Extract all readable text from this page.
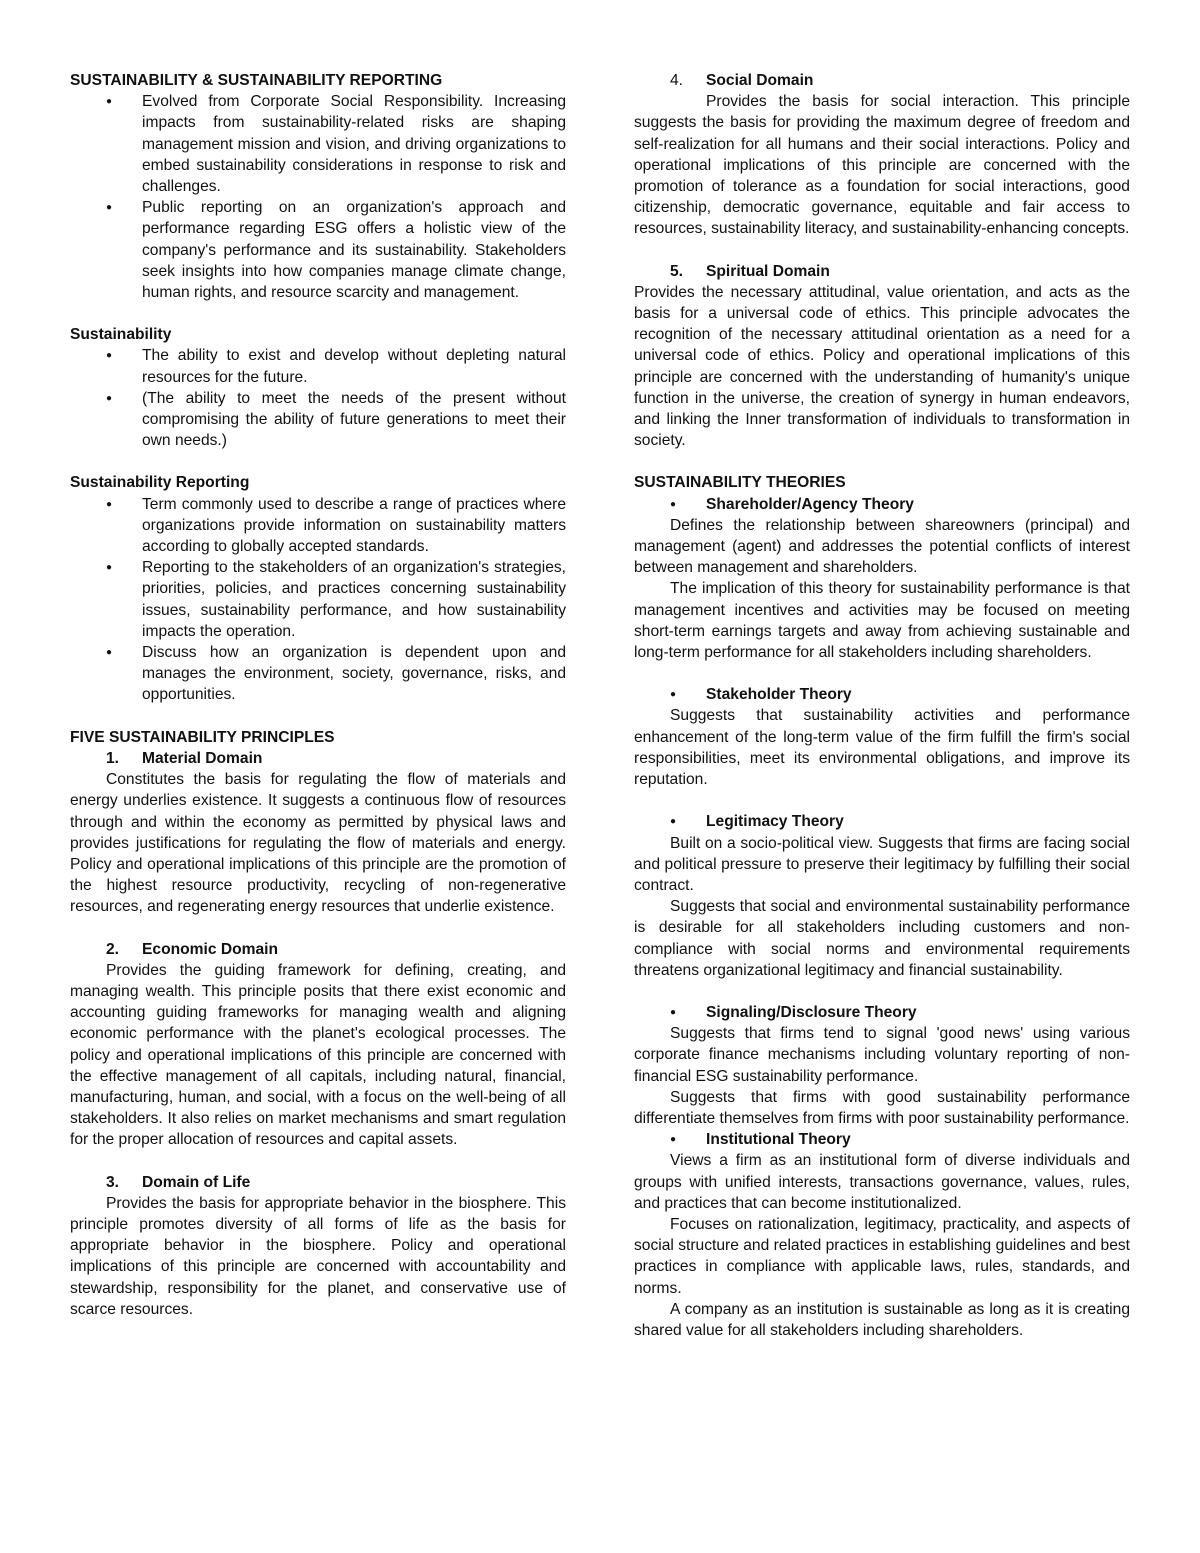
SUSTAINABILITY & SUSTAINABILITY REPORTING

● Evolved from Corporate Social Responsibility. Increasing impacts from sustainability-related risks are shaping management mission and vision, and driving organizations to embed sustainability considerations in response to risk and challenges.
● Public reporting on an organization's approach and performance regarding ESG offers a holistic view of the company's performance and its sustainability. Stakeholders seek insights into how companies manage climate change, human rights, and resource scarcity and management.

Sustainability

● The ability to exist and develop without depleting natural resources for the future.
● (The ability to meet the needs of the present without compromising the ability of future generations to meet their own needs.)

Sustainability Reporting

● Term commonly used to describe a range of practices where organizations provide information on sustainability matters according to globally accepted standards.
● Reporting to the stakeholders of an organization's strategies, priorities, policies, and practices concerning sustainability issues, sustainability performance, and how sustainability impacts the operation.
● Discuss how an organization is dependent upon and manages the environment, society, governance, risks, and opportunities.

FIVE SUSTAINABILITY PRINCIPLES

1. Material Domain

Constitutes the basis for regulating the flow of materials and energy underlies existence. It suggests a continuous flow of resources through and within the economy as permitted by physical laws and provides justifications for regulating the flow of materials and energy. Policy and operational implications of this principle are the promotion of the highest resource productivity, recycling of non-regenerative resources, and regenerating energy resources that underlie existence.

2. Economic Domain

Provides the guiding framework for defining, creating, and managing wealth. This principle posits that there exist economic and accounting guiding frameworks for managing wealth and aligning economic performance with the planet's ecological processes. The policy and operational implications of this principle are concerned with the effective management of all capitals, including natural, financial, manufacturing, human, and social, with a focus on the well-being of all stakeholders. It also relies on market mechanisms and smart regulation for the proper allocation of resources and capital assets.

3. Domain of Life

Provides the basis for appropriate behavior in the biosphere. This principle promotes diversity of all forms of life as the basis for appropriate behavior in the biosphere. Policy and operational implications of this principle are concerned with accountability and stewardship, responsibility for the planet, and conservative use of scarce resources.

4. Social Domain

Provides the basis for social interaction. This principle suggests the basis for providing the maximum degree of freedom and self-realization for all humans and their social interactions. Policy and operational implications of this principle are concerned with the promotion of tolerance as a foundation for social interactions, good citizenship, democratic governance, equitable and fair access to resources, sustainability literacy, and sustainability-enhancing concepts.

5. Spiritual Domain

Provides the necessary attitudinal, value orientation, and acts as the basis for a universal code of ethics. This principle advocates the recognition of the necessary attitudinal orientation as a need for a universal code of ethics. Policy and operational implications of this principle are concerned with the understanding of humanity's unique function in the universe, the creation of synergy in human endeavors, and linking the Inner transformation of individuals to transformation in society.

SUSTAINABILITY THEORIES

● Shareholder/Agency Theory

Defines the relationship between shareowners (principal) and management (agent) and addresses the potential conflicts of interest between management and shareholders.

The implication of this theory for sustainability performance is that management incentives and activities may be focused on meeting short-term earnings targets and away from achieving sustainable and long-term performance for all stakeholders including shareholders.

● Stakeholder Theory

Suggests that sustainability activities and performance enhancement of the long-term value of the firm fulfill the firm's social responsibilities, meet its environmental obligations, and improve its reputation.

● Legitimacy Theory

Built on a socio-political view. Suggests that firms are facing social and political pressure to preserve their legitimacy by fulfilling their social contract.

Suggests that social and environmental sustainability performance is desirable for all stakeholders including customers and non-compliance with social norms and environmental requirements threatens organizational legitimacy and financial sustainability.

● Signaling/Disclosure Theory

Suggests that firms tend to signal 'good news' using various corporate finance mechanisms including voluntary reporting of non-financial ESG sustainability performance.

Suggests that firms with good sustainability performance differentiate themselves from firms with poor sustainability performance.

● Institutional Theory

Views a firm as an institutional form of diverse individuals and groups with unified interests, transactions governance, values, rules, and practices that can become institutionalized.

Focuses on rationalization, legitimacy, practicality, and aspects of social structure and related practices in establishing guidelines and best practices in compliance with applicable laws, rules, standards, and norms.

A company as an institution is sustainable as long as it is creating shared value for all stakeholders including shareholders.
